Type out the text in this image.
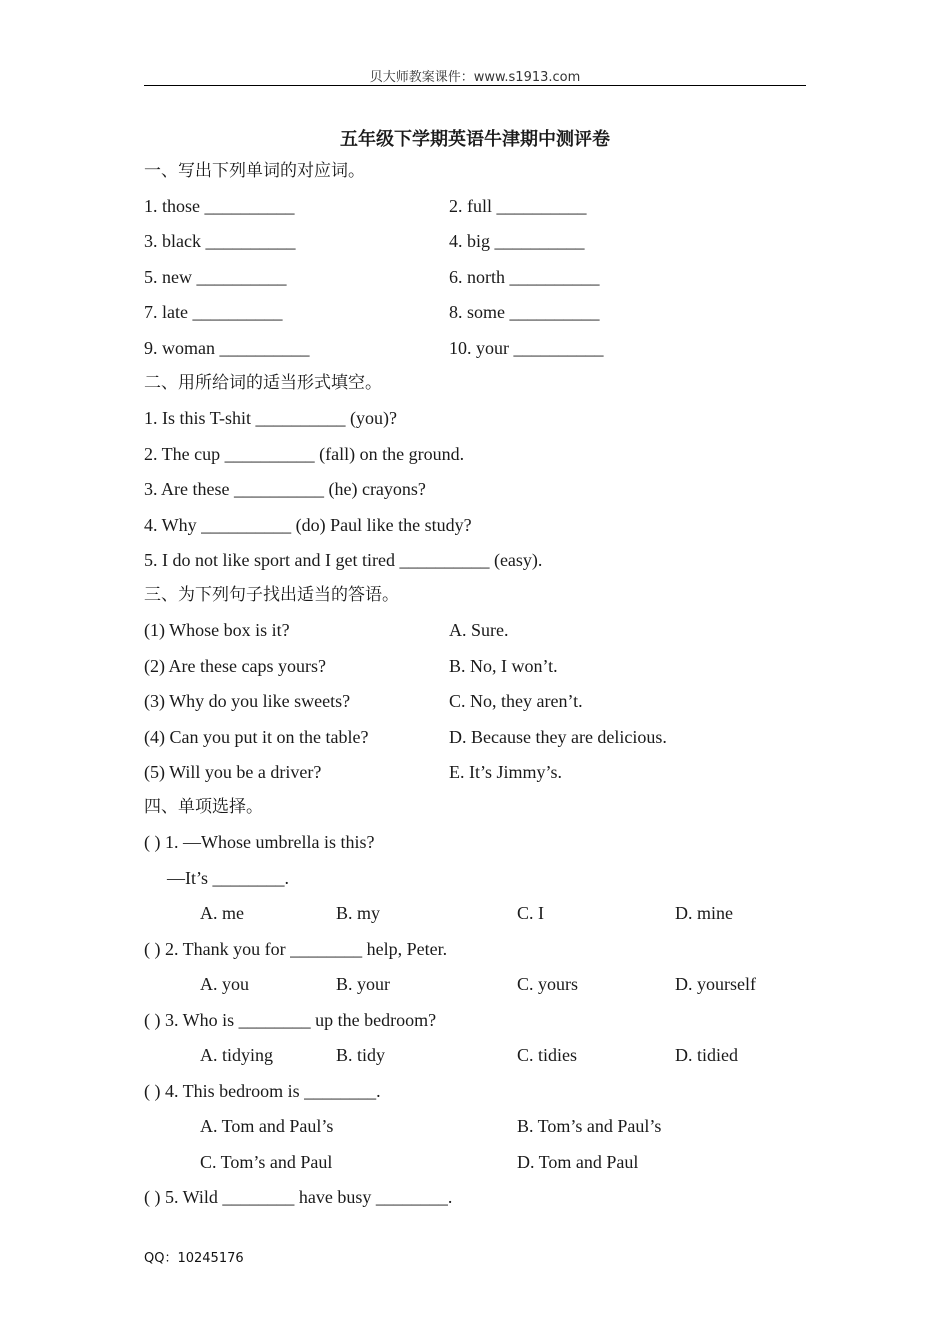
贝大师教案课件：www.s1913.com
五年级下学期英语牛津期中测评卷
一、写出下列单词的对应词。
1. those __________	2. full __________
3. black __________	4. big __________
5. new __________	6. north __________
7. late __________	8. some __________
9. woman __________	10. your __________
二、用所给词的适当形式填空。
1. Is this T-shit __________ (you)?
2. The cup __________ (fall) on the ground.
3. Are these __________ (he) crayons?
4. Why __________ (do) Paul like the study?
5. I do not like sport and I get tired __________ (easy).
三、为下列句子找出适当的答语。
(1) Whose box is it?	A. Sure.
(2) Are these caps yours?	B. No, I won’t.
(3) Why do you like sweets?	C. No, they aren’t.
(4) Can you put it on the table?	D. Because they are delicious.
(5) Will you be a driver?	E. It’s Jimmy’s.
四、单项选择。
( ) 1. —Whose umbrella is this?
—It’s ________.
A. me	B. my	C. I	D. mine
( ) 2. Thank you for ________ help, Peter.
A. you	B. your	C. yours	D. yourself
( ) 3. Who is ________ up the bedroom?
A. tidying	B. tidy	C. tidies	D. tidied
( ) 4. This bedroom is ________.
A. Tom and Paul’s	B. Tom’s and Paul’s
C. Tom’s and Paul	D. Tom and Paul
( ) 5. Wild ________ have busy ________.
QQ：10245176
